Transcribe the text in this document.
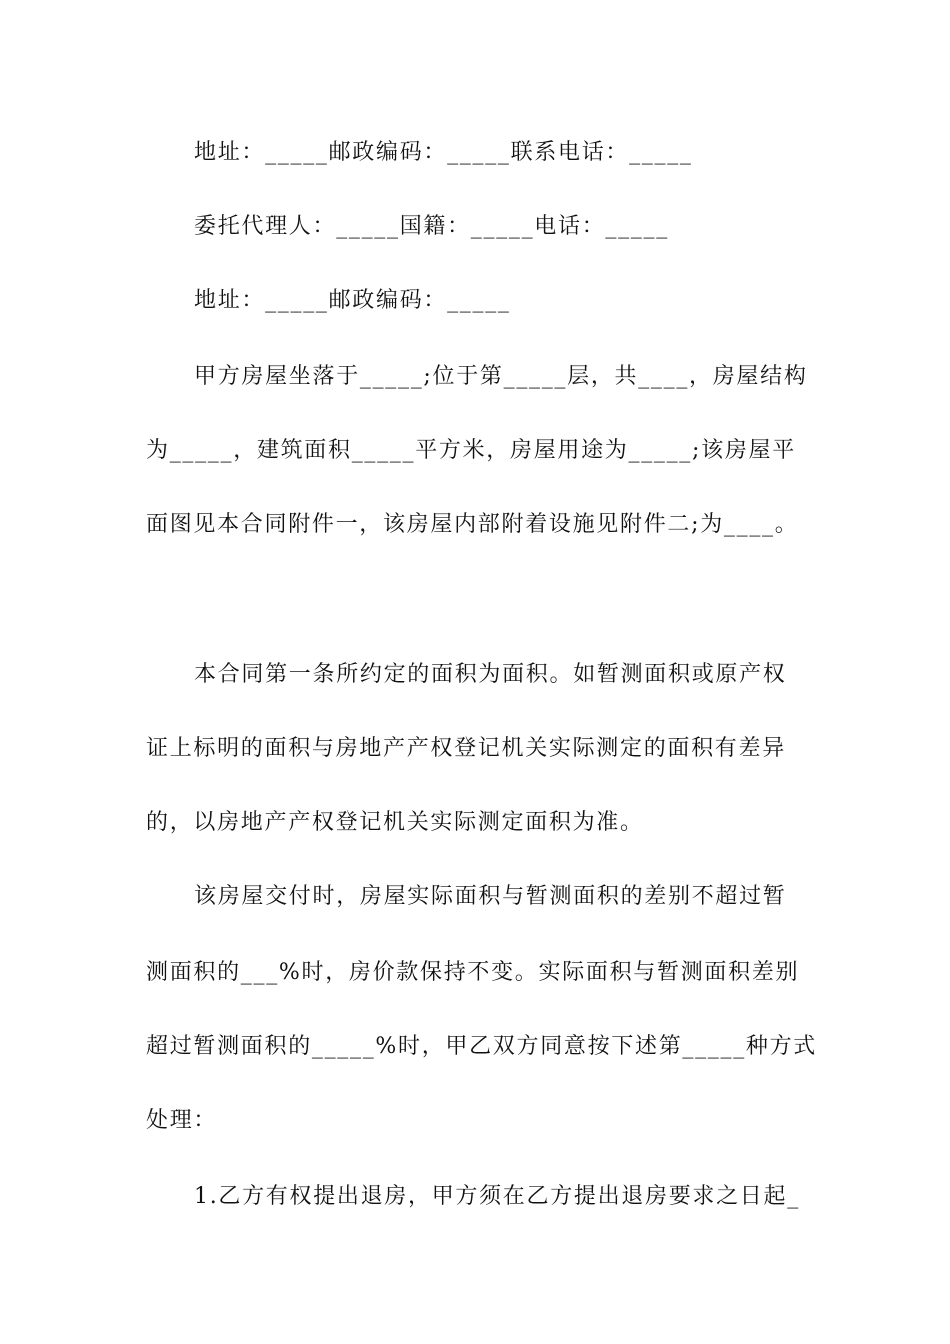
地址：_____邮政编码：_____联系电话：_____

委托代理人：_____国籍：_____电话：_____

地址：_____邮政编码：_____

甲方房屋坐落于_____;位于第_____层，共____，房屋结构

为_____，建筑面积_____平方米，房屋用途为_____;该房屋平

面图见本合同附件一，该房屋内部附着设施见附件二;为____。

本合同第一条所约定的面积为面积。如暂测面积或原产权

证上标明的面积与房地产产权登记机关实际测定的面积有差异

的，以房地产产权登记机关实际测定面积为准。

该房屋交付时，房屋实际面积与暂测面积的差别不超过暂

测面积的___%时，房价款保持不变。实际面积与暂测面积差别

超过暂测面积的_____%时，甲乙双方同意按下述第_____种方式

处理：

1.乙方有权提出退房，甲方须在乙方提出退房要求之日起_
